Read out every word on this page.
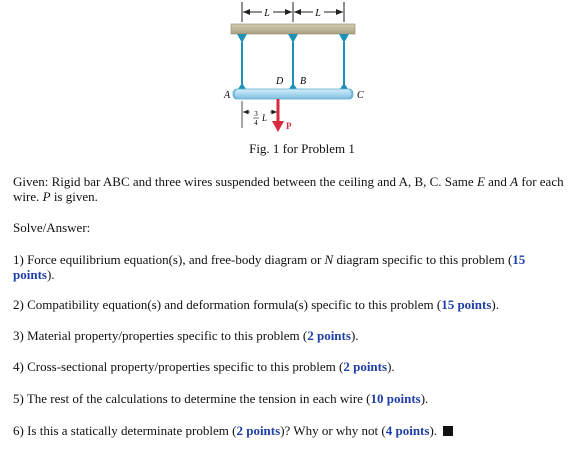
L	L
A	C
D B
3
4 L
P
Fig. 1 for Problem 1
Given: Rigid bar ABC and three wires suspended between the ceiling and A, B, C. Same E and A for each wire. P is given.
Solve/Answer:
1) Force equilibrium equation(s), and free-body diagram or N diagram specific to this problem (15 points).
2) Compatibility equation(s) and deformation formula(s) specific to this problem (15 points).
3) Material property/properties specific to this problem (2 points).
4) Cross-sectional property/properties specific to this problem (2 points).
5) The rest of the calculations to determine the tension in each wire (10 points).
6) Is this a statically determinate problem (2 points)? Why or why not (4 points).
